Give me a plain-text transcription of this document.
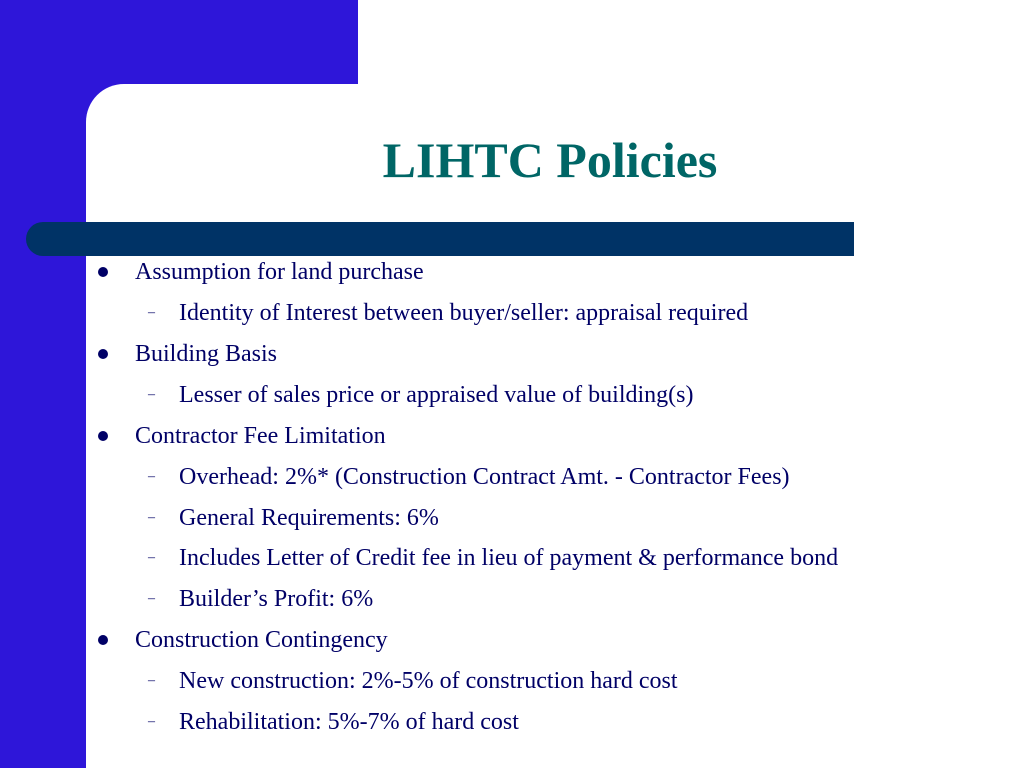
LIHTC Policies
Assumption for land purchase
– Identity of Interest between buyer/seller: appraisal required
Building Basis
– Lesser of sales price or appraised value of building(s)
Contractor Fee Limitation
– Overhead: 2%* (Construction Contract Amt. - Contractor Fees)
– General Requirements: 6%
– Includes Letter of Credit fee in lieu of payment & performance bond
– Builder’s Profit: 6%
Construction Contingency
– New construction: 2%-5% of construction hard cost
– Rehabilitation: 5%-7% of hard cost
